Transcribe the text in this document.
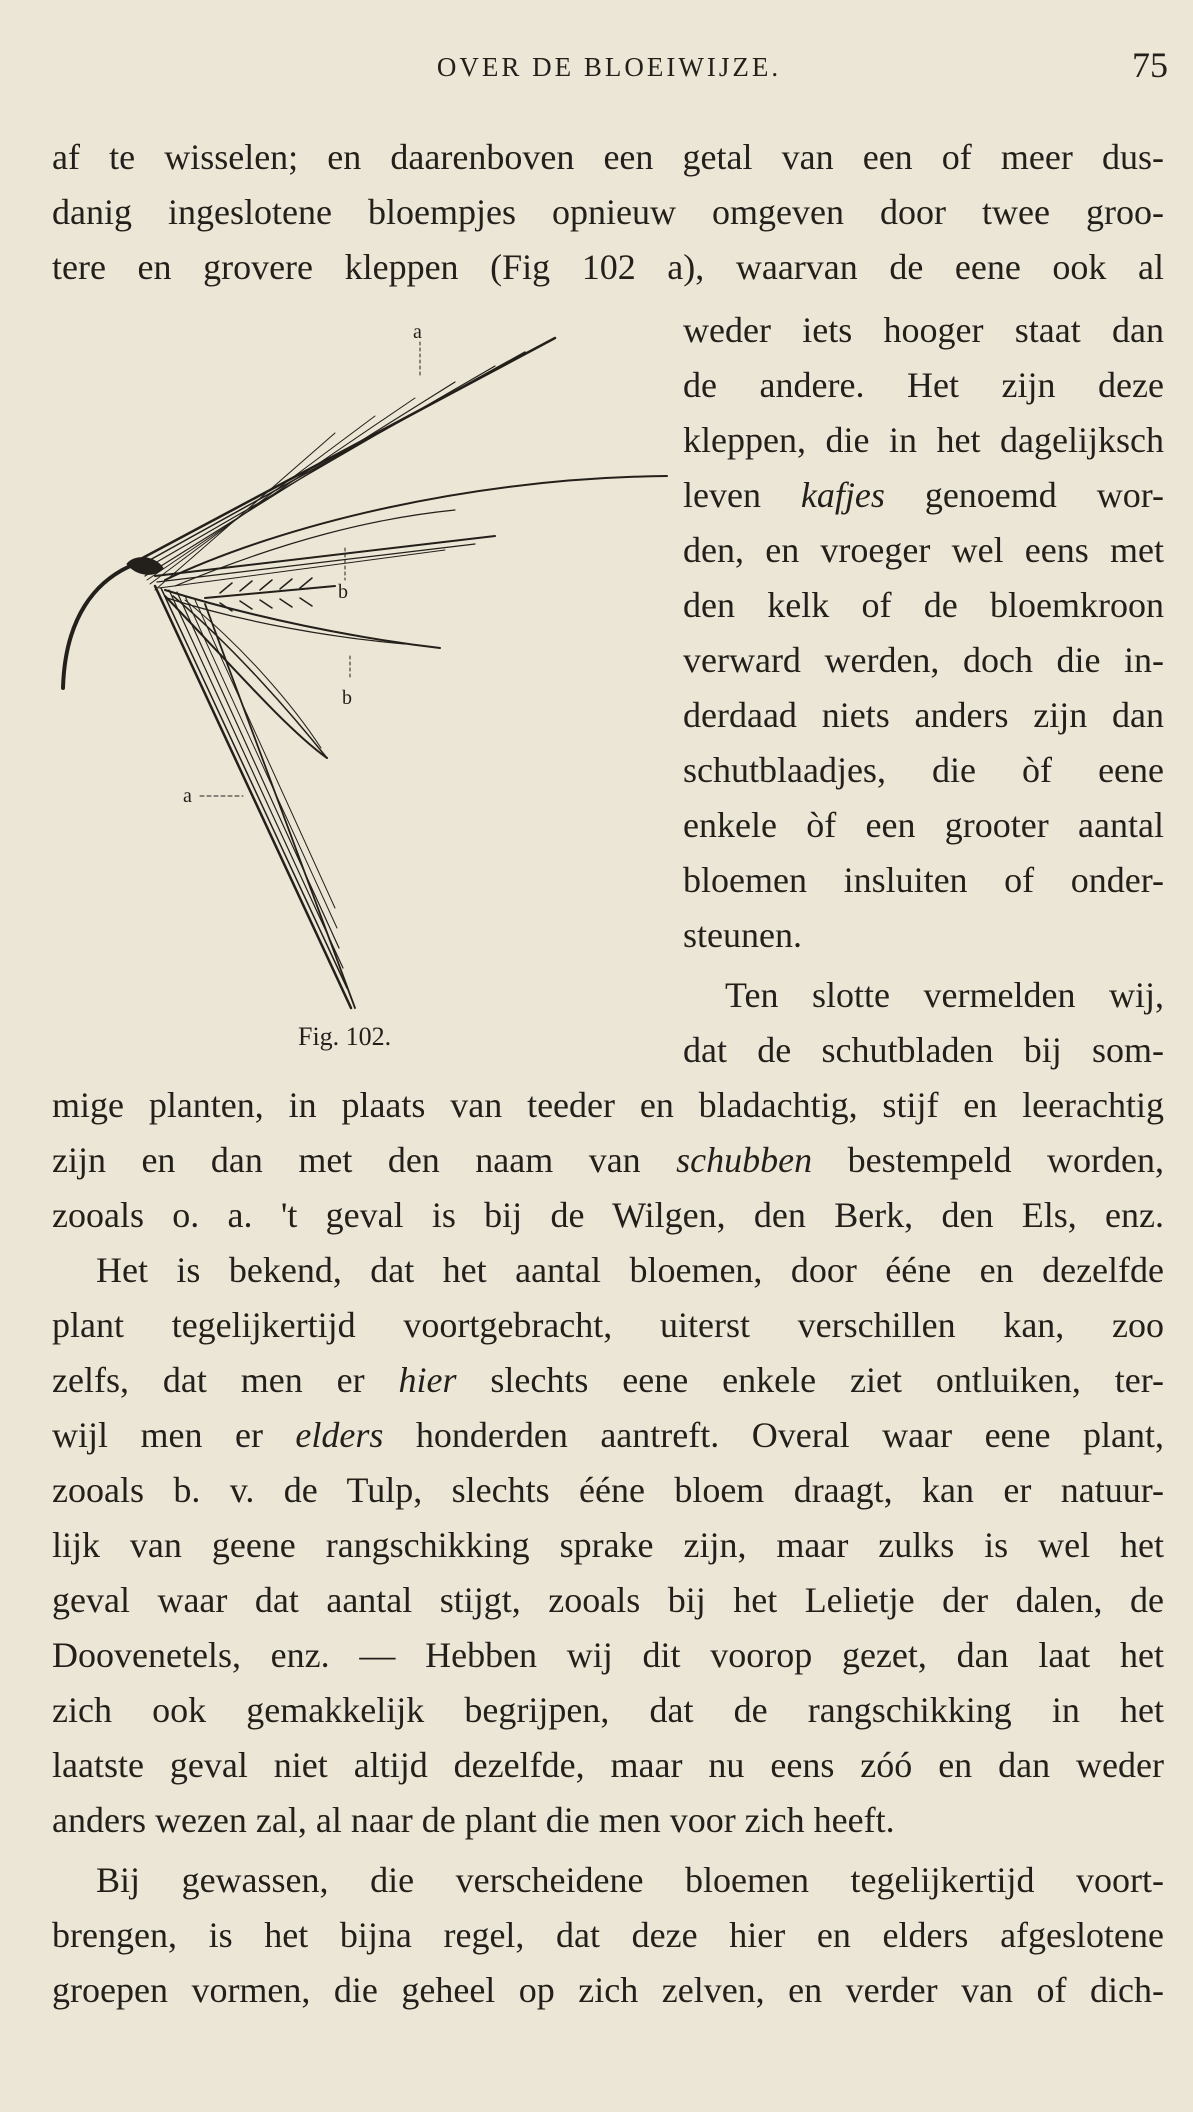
OVER DE BLOEIWIJZE.	75
a
b
b
a
Fig. 102.
af te wisselen; en daarenboven een getal van een of meer dus-
danig ingeslotene bloempjes opnieuw omgeven door twee groo-
tere en grovere kleppen (Fig 102 a), waarvan de eene ook al
weder iets hooger staat dan
de andere. Het zijn deze
kleppen, die in het dagelijksch
leven kafjes genoemd wor-
den, en vroeger wel eens met
den kelk of de bloemkroon
verward werden, doch die in-
derdaad niets anders zijn dan
schutblaadjes, die òf eene
enkele òf een grooter aantal
bloemen insluiten of onder-
steunen.
Ten slotte vermelden wij,
dat de schutbladen bij som-
mige planten, in plaats van teeder en bladachtig, stijf en leerachtig
zijn en dan met den naam van schubben bestempeld worden,
zooals o. a. 't geval is bij de Wilgen, den Berk, den Els, enz.
Het is bekend, dat het aantal bloemen, door ééne en dezelfde
plant tegelijkertijd voortgebracht, uiterst verschillen kan, zoo
zelfs, dat men er hier slechts eene enkele ziet ontluiken, ter-
wijl men er elders honderden aantreft. Overal waar eene plant,
zooals b. v. de Tulp, slechts ééne bloem draagt, kan er natuur-
lijk van geene rangschikking sprake zijn, maar zulks is wel het
geval waar dat aantal stijgt, zooals bij het Lelietje der dalen, de
Doovenetels, enz. — Hebben wij dit voorop gezet, dan laat het
zich ook gemakkelijk begrijpen, dat de rangschikking in het
laatste geval niet altijd dezelfde, maar nu eens zóó en dan weder
anders wezen zal, al naar de plant die men voor zich heeft.
Bij gewassen, die verscheidene bloemen tegelijkertijd voort-
brengen, is het bijna regel, dat deze hier en elders afgeslotene
groepen vormen, die geheel op zich zelven, en verder van of dich-
